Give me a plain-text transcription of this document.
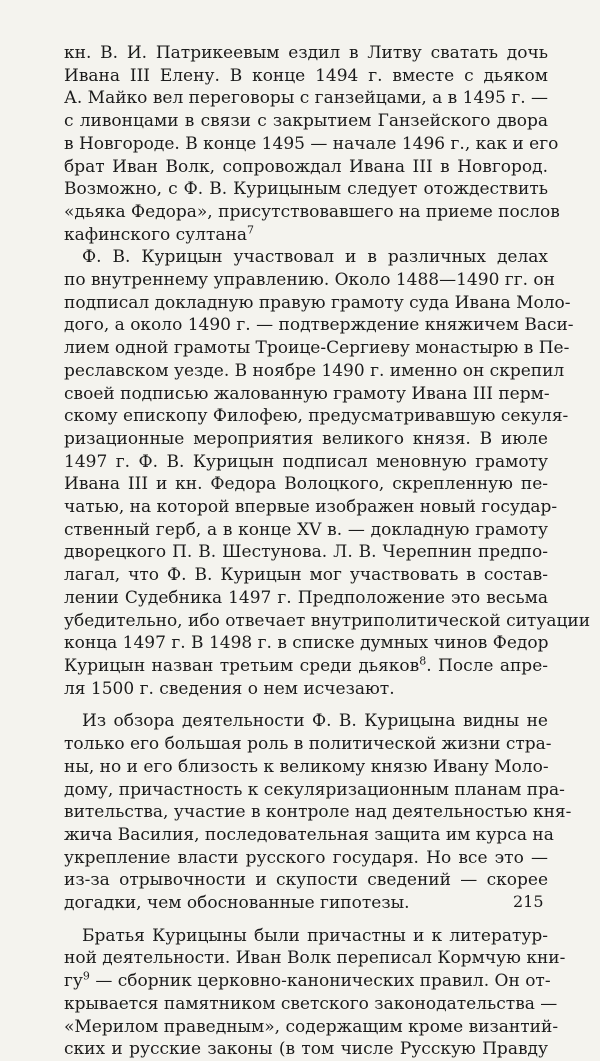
кн. В. И. Патрикеевым ездил в Литву сватать дочь
Ивана III Елену. В конце 1494 г. вместе с дьяком
А. Майко вел переговоры с ганзейцами, а в 1495 г. —
с ливонцами в связи с закрытием Ганзейского двора
в Новгороде. В конце 1495 — начале 1496 г., как и его
брат Иван Волк, сопровождал Ивана III в Новгород.
Возможно, с Ф. В. Курицыным следует отождествить
«дьяка Федора», присутствовавшего на приеме послов
кафинского султана$^7$
Ф. В. Курицын участвовал и в различных делах
по внутреннему управлению. Около 1488—1490 гг. он
подписал докладную правую грамоту суда Ивана Моло-
дого, а около 1490 г. — подтверждение княжичем Васи-
лием одной грамоты Троице-Сергиеву монастырю в Пе-
реславском уезде. В ноябре 1490 г. именно он скрепил
своей подписью жалованную грамоту Ивана III перм-
скому епископу Филофею, предусматривавшую секуля-
ризационные мероприятия великого князя. В июле
1497 г. Ф. В. Курицын подписал меновную грамоту
Ивана III и кн. Федора Волоцкого, скрепленную пе-
чатью, на которой впервые изображен новый государ-
ственный герб, а в конце XV в. — докладную грамоту
дворецкого П. В. Шестунова. Л. В. Черепнин предпо-
лагал, что Ф. В. Курицын мог участвовать в состав-
лении Судебника 1497 г. Предположение это весьма
убедительно, ибо отвечает внутриполитической ситуации
конца 1497 г. В 1498 г. в списке думных чинов Федор
Курицын назван третьим среди дьяков$^8$. После апре-
ля 1500 г. сведения о нем исчезают.
Из обзора деятельности Ф. В. Курицына видны не
только его большая роль в политической жизни стра-
ны, но и его близость к великому князю Ивану Моло-
дому, причастность к секуляризационным планам пра-
вительства, участие в контроле над деятельностью кня-
жича Василия, последовательная защита им курса на
укрепление власти русского государя. Но все это —
из-за отрывочности и скупости сведений — скорее
догадки, чем обоснованные гипотезы.
Братья Курицыны были причастны и к литератур-
ной деятельности. Иван Волк переписал Кормчую кни-
$гу^9$ — сборник церковно-канонических правил. Он от-
крывается памятником светского законодательства —
«Мерилом праведным», содержащим кроме византий-
ских и русские законы (в том числе Русскую Правду
215
